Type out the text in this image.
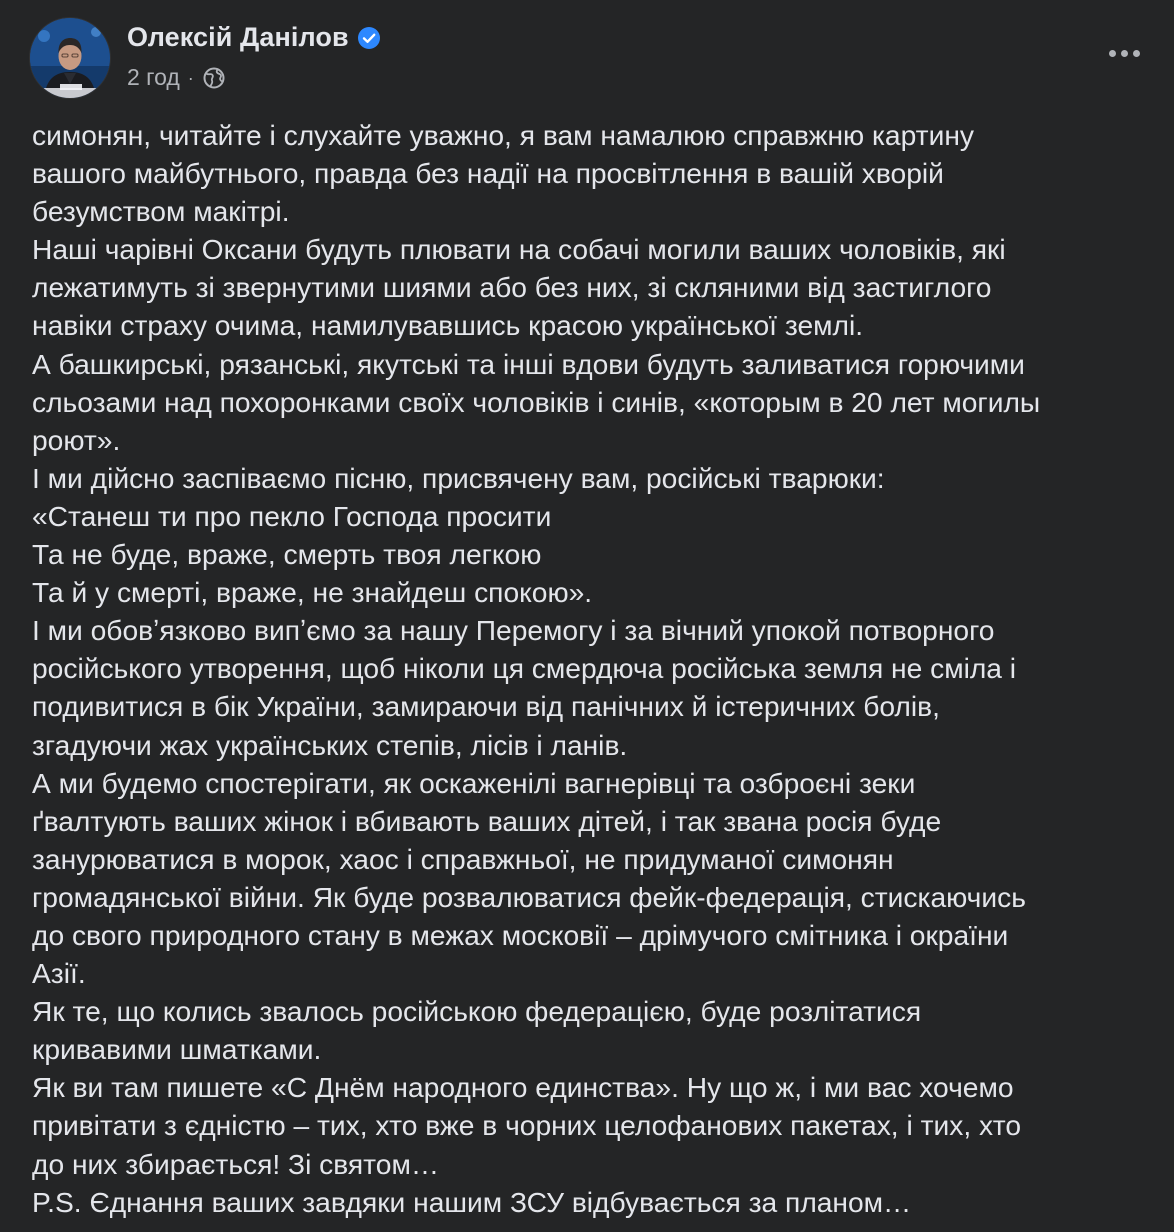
Олексій Данілов
2 год ·
симонян, читайте і слухайте уважно, я вам намалюю справжню картину
вашого майбутнього, правда без надії на просвітлення в вашій хворій
безумством макітрі.
Наші чарівні Оксани будуть плювати на собачі могили ваших чоловіків, які
лежатимуть зі звернутими шиями або без них, зі скляними від застиглого
навіки страху очима, намилувавшись красою української землі.
А башкирські, рязанські, якутські та інші вдови будуть заливатися горючими
сльозами над похоронками своїх чоловіків і синів, «которым в 20 лет могилы
роют».
І ми дійсно заспіваємо пісню, присвячену вам, російські тварюки:
«Станеш ти про пекло Господа просити
Та не буде, враже, смерть твоя легкою
Та й у смерті, враже, не знайдеш спокою».
І ми обовʼязково випʼємо за нашу Перемогу і за вічний упокой потворного
російського утворення, щоб ніколи ця смердюча російська земля не сміла і
подивитися в бік України, замираючи від панічних й істеричних болів,
згадуючи жах українських степів, лісів і ланів.
А ми будемо спостерігати, як оскаженілі вагнерівці та озброєні зеки
ґвалтують ваших жінок і вбивають ваших дітей, і так звана росія буде
занурюватися в морок, хаос і справжньої, не придуманої симонян
громадянської війни. Як буде розвалюватися фейк-федерація, стискаючись
до свого природного стану в межах московії – дрімучого смітника і окраїни
Азії.
Як те, що колись звалось російською федерацією, буде розлітатися
кривавими шматками.
Як ви там пишете «С Днём народного единства». Ну що ж, і ми вас хочемо
привітати з єдністю – тих, хто вже в чорних целофанових пакетах, і тих, хто
до них збирається! Зі святом…
P.S. Єднання ваших завдяки нашим ЗСУ відбувається за планом…
